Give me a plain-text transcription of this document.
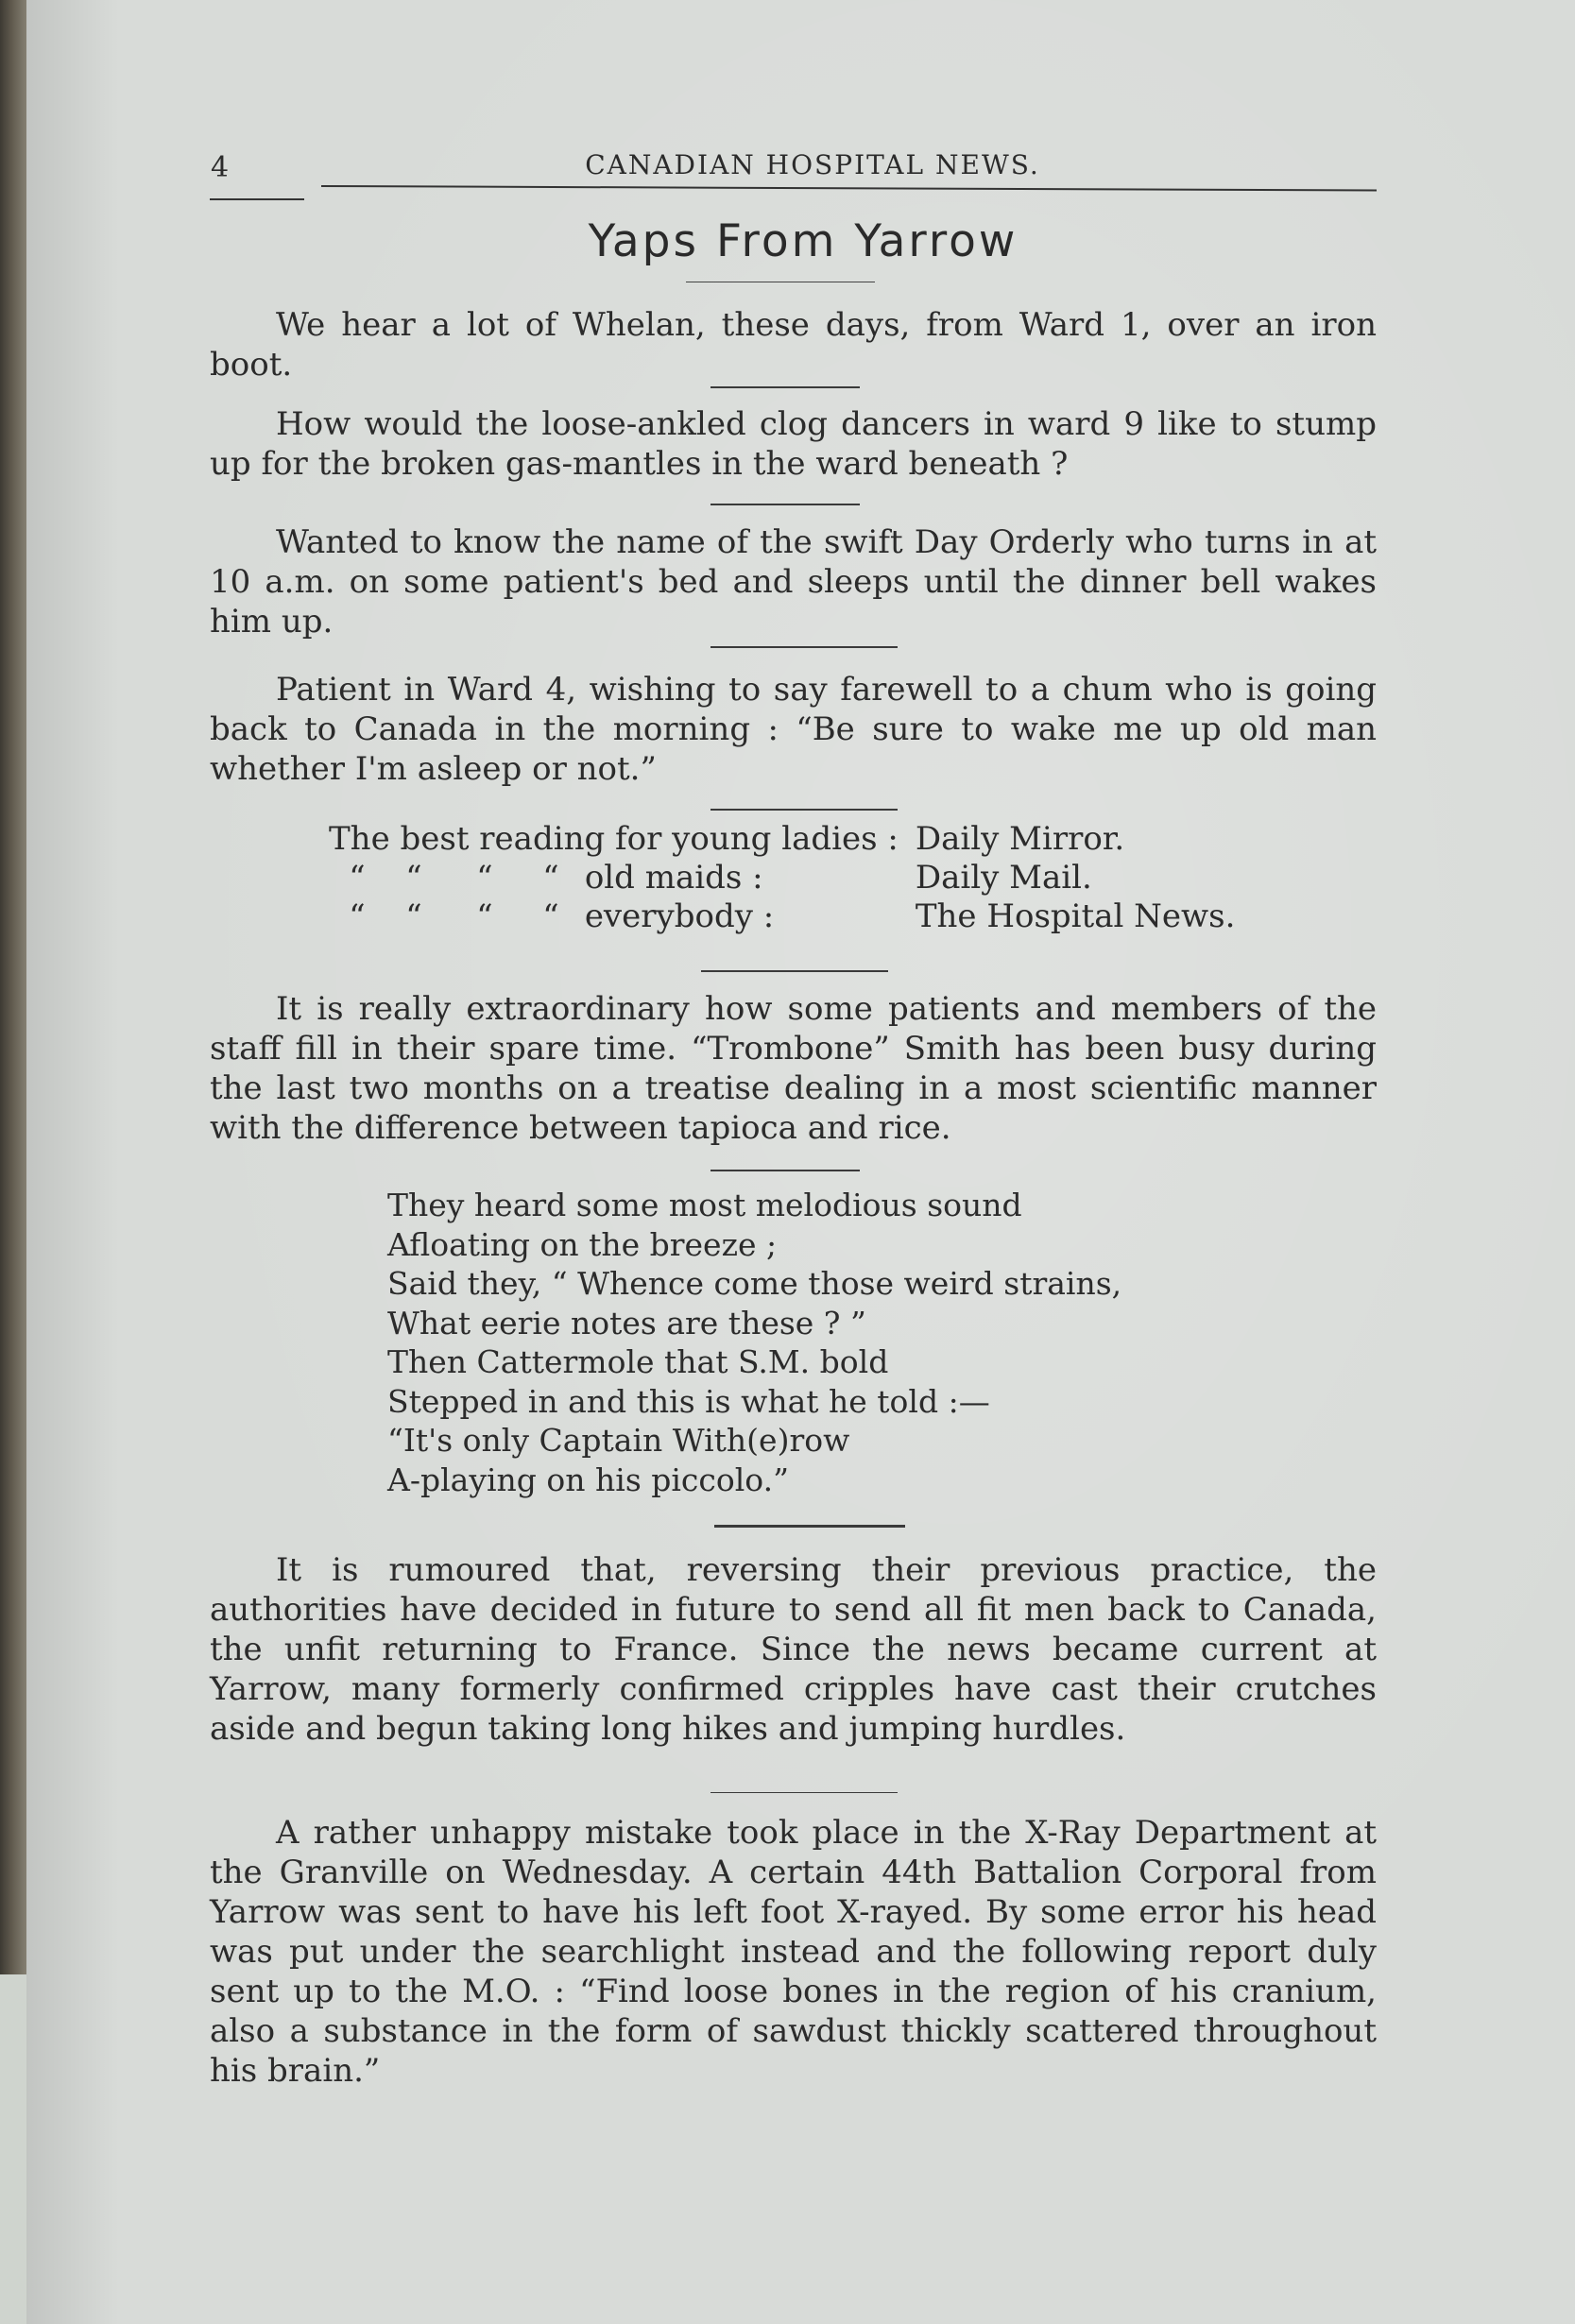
4	CANADIAN HOSPITAL NEWS.
Yaps From Yarrow

We hear a lot of Whelan, these days, from Ward 1, over an iron boot.

How would the loose-ankled clog dancers in ward 9 like to stump up for the broken gas-mantles in the ward beneath ?

Wanted to know the name of the swift Day Orderly who turns in at 10 a.m. on some patient's bed and sleeps until the dinner bell wakes him up.

Patient in Ward 4, wishing to say farewell to a chum who is going back to Canada in the morning : “Be sure to wake me up old man whether I'm asleep or not.”

The best reading for young ladies :	Daily Mirror.
“ “ “ “ old maids :	Daily Mail.
“ “ “ “ everybody :	The Hospital News.

It is really extraordinary how some patients and members of the staff fill in their spare time. “Trombone” Smith has been busy during the last two months on a treatise dealing in a most scientific manner with the difference between tapioca and rice.

They heard some most melodious sound
Afloating on the breeze ;
Said they, “ Whence come those weird strains,
What eerie notes are these ? ”
Then Cattermole that S.M. bold
Stepped in and this is what he told :—
“It's only Captain With(e)row
A-playing on his piccolo.”

It is rumoured that, reversing their previous practice, the authorities have decided in future to send all fit men back to Canada, the unfit returning to France. Since the news became current at Yarrow, many formerly confirmed cripples have cast their crutches aside and begun taking long hikes and jumping hurdles.

A rather unhappy mistake took place in the X-Ray Department at the Granville on Wednesday. A certain 44th Battalion Corporal from Yarrow was sent to have his left foot X-rayed. By some error his head was put under the searchlight instead and the following report duly sent up to the M.O. : “Find loose bones in the region of his cranium, also a substance in the form of sawdust thickly scattered throughout his brain.”
